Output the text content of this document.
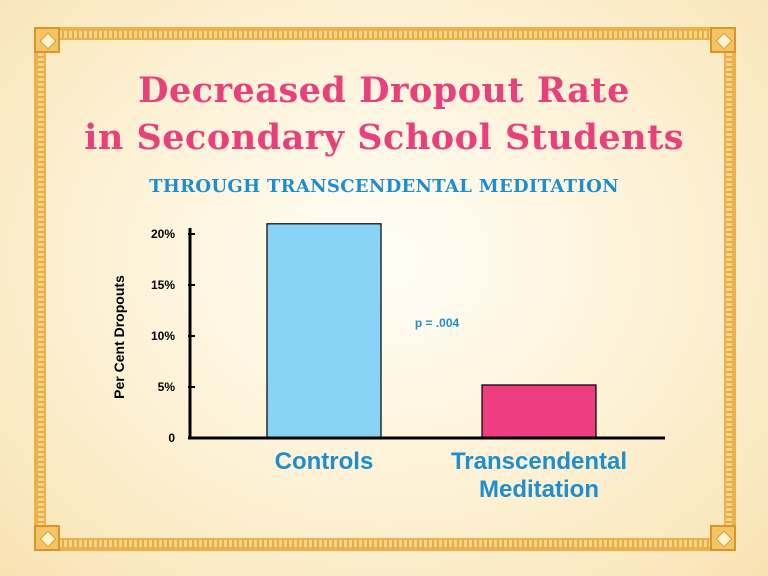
Decreased Dropout Rate
in Secondary School Students
THROUGH TRANSCENDENTAL MEDITATION
0
5%
10%
15%
20%
Per Cent Dropouts
Controls	Transcendental
Meditation
p = .004
